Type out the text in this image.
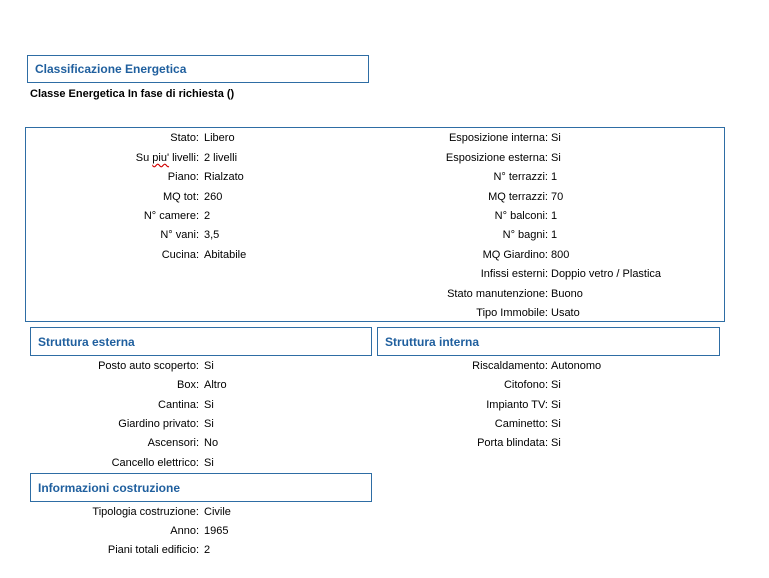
Classificazione Energetica
Classe Energetica In fase di richiesta ()
Stato: Libero
Su piu' livelli: 2 livelli
Piano: Rialzato
MQ tot: 260
N° camere: 2
N° vani: 3,5
Cucina: Abitabile
Esposizione interna: Si
Esposizione esterna: Si
N° terrazzi: 1
MQ terrazzi: 70
N° balconi: 1
N° bagni: 1
MQ Giardino: 800
Infissi esterni: Doppio vetro / Plastica
Stato manutenzione: Buono
Tipo Immobile: Usato
Struttura esterna	Struttura interna
Posto auto scoperto: Si
Box: Altro
Cantina: Si
Giardino privato: Si
Ascensori: No
Cancello elettrico: Si
Riscaldamento: Autonomo
Citofono: Si
Impianto TV: Si
Caminetto: Si
Porta blindata: Si
Informazioni costruzione
Tipologia costruzione: Civile
Anno: 1965
Piani totali edificio: 2
